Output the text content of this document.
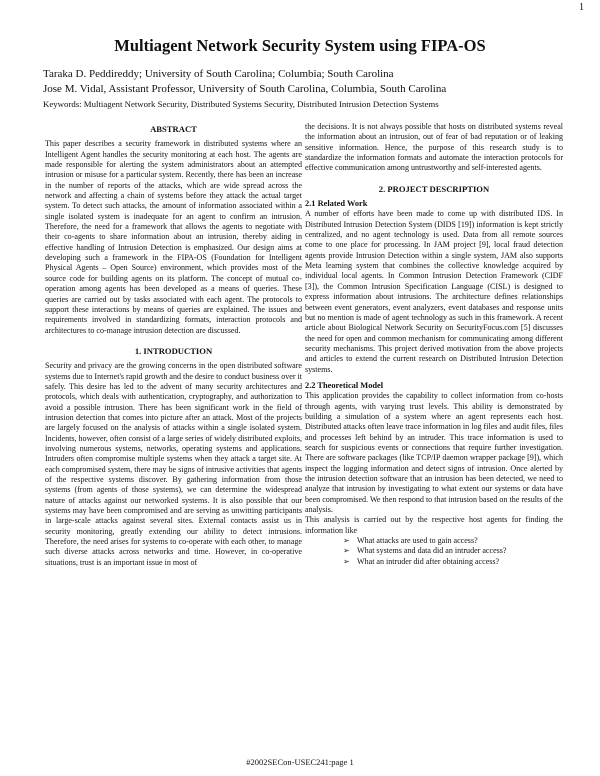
1
Multiagent Network Security System using FIPA-OS
Taraka D. Peddireddy; University of South Carolina; Columbia; South Carolina
Jose M. Vidal, Assistant Professor, University of South Carolina, Columbia, South Carolina
Keywords: Multiagent Network Security, Distributed Systems Security, Distributed Intrusion Detection Systems
ABSTRACT

This paper describes a security framework in distributed systems where an Intelligent Agent handles the security monitoring at each host. The agents are made responsible for alerting the system administrators about an attempted intrusion or misuse for a particular system. Recently, there has been an increase in the number of reports of the attacks, which are wide spread across the network and affecting a chain of systems before they attack the actual target system. To detect such attacks, the amount of information associated within a single isolated system is inadequate for an agent to confirm an intrusion. Therefore, the need for a framework that allows the agents to negotiate with their co-agents to share information about an intrusion, thereby aiding in effective handling of Intrusion Detection is emphasized. Our design aims at developing such a framework in the FIPA-OS (Foundation for Intelligent Physical Agents – Open Source) environment, which provides most of the source code for building agents on its platform. The concept of mutual co-operation among agents has been developed as a means of queries. These queries are carried out by tasks associated with each agent. The protocols to support these interactions by means of queries are explained. The issues and requirements involved in standardizing formats, interaction protocols and architectures to co-manage intrusion detection are discussed.

1. INTRODUCTION

Security and privacy are the growing concerns in the open distributed software systems due to Internet's rapid growth and the desire to conduct business over it safely. This desire has led to the advent of many security architectures and protocols, which deals with authentication, cryptography, and authorization to avoid a possible intrusion. There has been significant work in the field of intrusion detection that comes into picture after an attack. Most of the projects are largely focused on the analysis of attacks within a single isolated system. Incidents, however, often consist of a large series of widely distributed exploits, involving numerous systems, networks, operating systems and applications. Intruders often compromise multiple systems when they attack a target site. At each compromised system, there may be signs of intrusive activities that agents of the respective systems discover. By gathering information from those systems (from agents of those systems), we can determine the widespread nature of attacks against our networked systems. It is also possible that our systems may have been compromised and are serving as unwitting participants in large-scale attacks against several sites. External contacts assist us in security monitoring, greatly extending our ability to detect intrusions. Therefore, the need arises for systems to co-operate with each other, to manage such diverse attacks across networks and time. However, in co-operative situations, trust is an important issue in most of

the decisions. It is not always possible that hosts on distributed systems reveal the information about an intrusion, out of fear of bad reputation or of leaking sensitive information. Hence, the purpose of this research study is to standardize the information formats and automate the interaction protocols for effective communication among untrustworthy and self-interested agents.

2. PROJECT DESCRIPTION
2.1 Related Work

A number of efforts have been made to come up with distributed IDS. In Distributed Intrusion Detection System (DIDS [19]) information is kept strictly centralized, and no agent technology is used. Data from all remote sources come to one place for processing. In JAM project [9], local fraud detection agents provide Intrusion Detection within a single system, JAM also supports Meta learning system that combines the collective knowledge acquired by individual local agents. In Common Intrusion Detection Framework (CIDF [3]), the Common Intrusion Specification Language (CISL) is designed to express information about intrusions. The architecture defines relationships between event generators, event analyzers, event databases and response units but no mention is made of agent technology as such in this framework. A recent article about Biological Network Security on SecurityFocus.com [5] discusses the need for open and common mechanism for communicating among different security mechanisms. This project derived motivation from the above projects and articles to extend the current research on Distributed Intrusion Detection systems.

2.2 Theoretical Model

This application provides the capability to collect information from co-hosts through agents, with varying trust levels. This ability is demonstrated by building a simulation of a system where an agent represents each host. Distributed attacks often leave trace information in log files and audit files, files and processes left behind by an intruder. This trace information is used to search for suspicious events or connections that require further investigation. There are software packages (like TCP/IP daemon wrapper package [9]), which inspect the logging information and detect signs of intrusion. Once alerted by the intrusion detection software that an intrusion has been detected, we need to analyze that intrusion by investigating to what extent our systems or data have been compromised. We then respond to that intrusion based on the results of the analysis.

This analysis is carried out by the respective host agents for finding the information like

➢ What attacks are used to gain access?
➢ What systems and data did an intruder access?
➢ What an intruder did after obtaining access?
#2002SECon-USEC241:page 1
